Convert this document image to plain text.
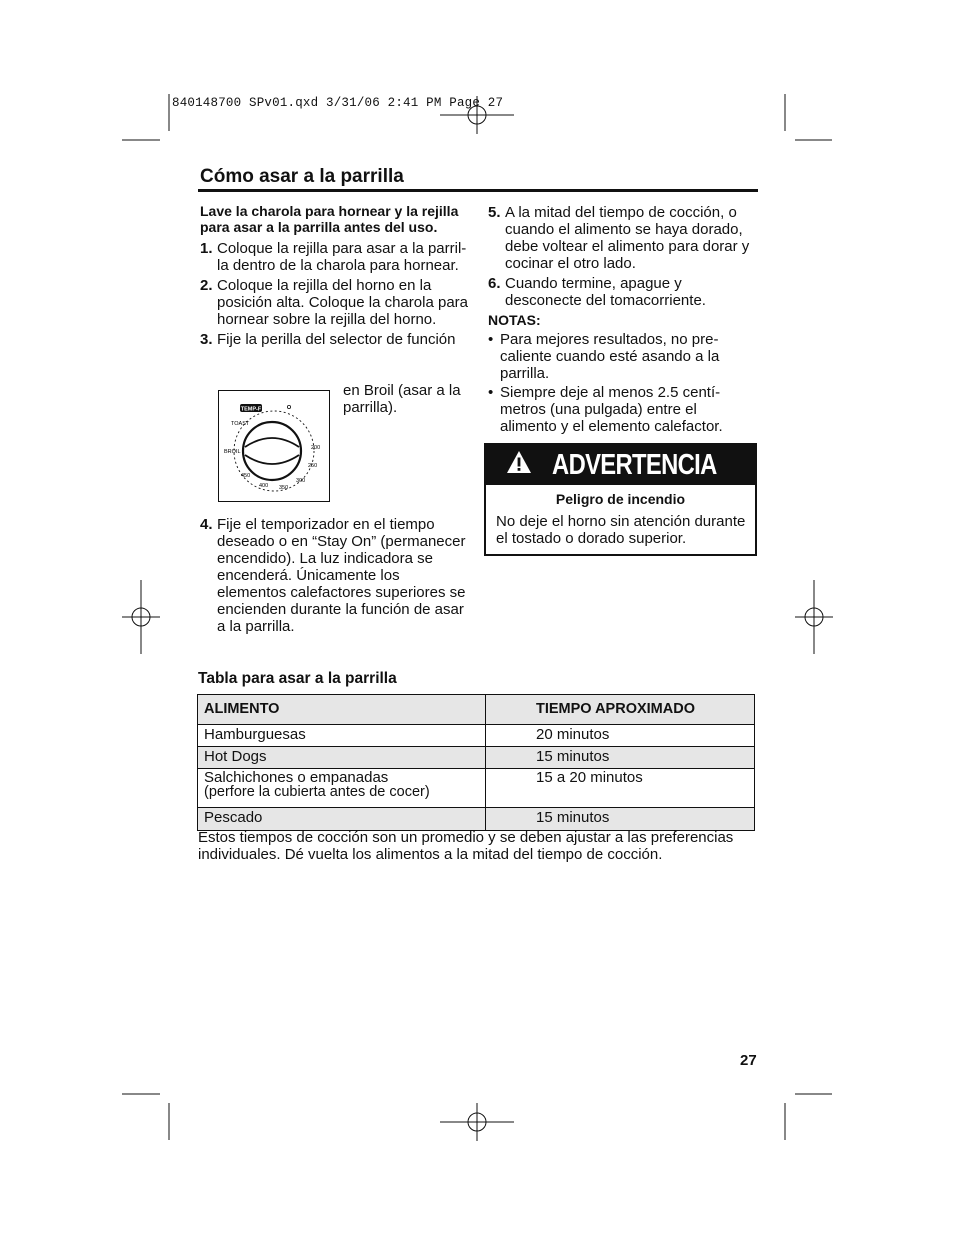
840148700 SPv01.qxd 3/31/06 2:41 PM Page 27
Cómo asar a la parrilla

Lave la charola para hornear y la rejilla para asar a la parrilla antes del uso.

1. Coloque la rejilla para asar a la parril-la dentro de la charola para hornear.

2. Coloque la rejilla del horno en la posición alta. Coloque la charola para hornear sobre la rejilla del horno.

3. Fije la perilla del selector de función

en Broil (asar a la parrilla).

TEMP-F
TOAST
BROIL
200
250
300
350
400
450

4. Fije el temporizador en el tiempo deseado o en “Stay On” (permanecer encendido). La luz indicadora se encenderá. Únicamente los elementos calefactores superiores se encienden durante la función de asar a la parrilla.

5. A la mitad del tiempo de cocción, o cuando el alimento se haya dorado, debe voltear el alimento para dorar y cocinar el otro lado.

6. Cuando termine, apague y desconecte del tomacorriente.

NOTAS:

• Para mejores resultados, no pre-caliente cuando esté asando a la parrilla.

• Siempre deje al menos 2.5 centí-metros (una pulgada) entre el alimento y el elemento calefactor.

ADVERTENCIA
Peligro de incendio
No deje el horno sin atención durante el tostado o dorado superior.
Tabla para asar a la parrilla
ALIMENTO	TIEMPO APROXIMADO
Hamburguesas	20 minutos
Hot Dogs	15 minutos

Salchichones o empanadas
(perfore la cubierta antes de cocer)	15 a 20 minutos
Pescado	15 minutos
Estos tiempos de cocción son un promedio y se deben ajustar a las preferencias individuales. Dé vuelta los alimentos a la mitad del tiempo de cocción.
27
